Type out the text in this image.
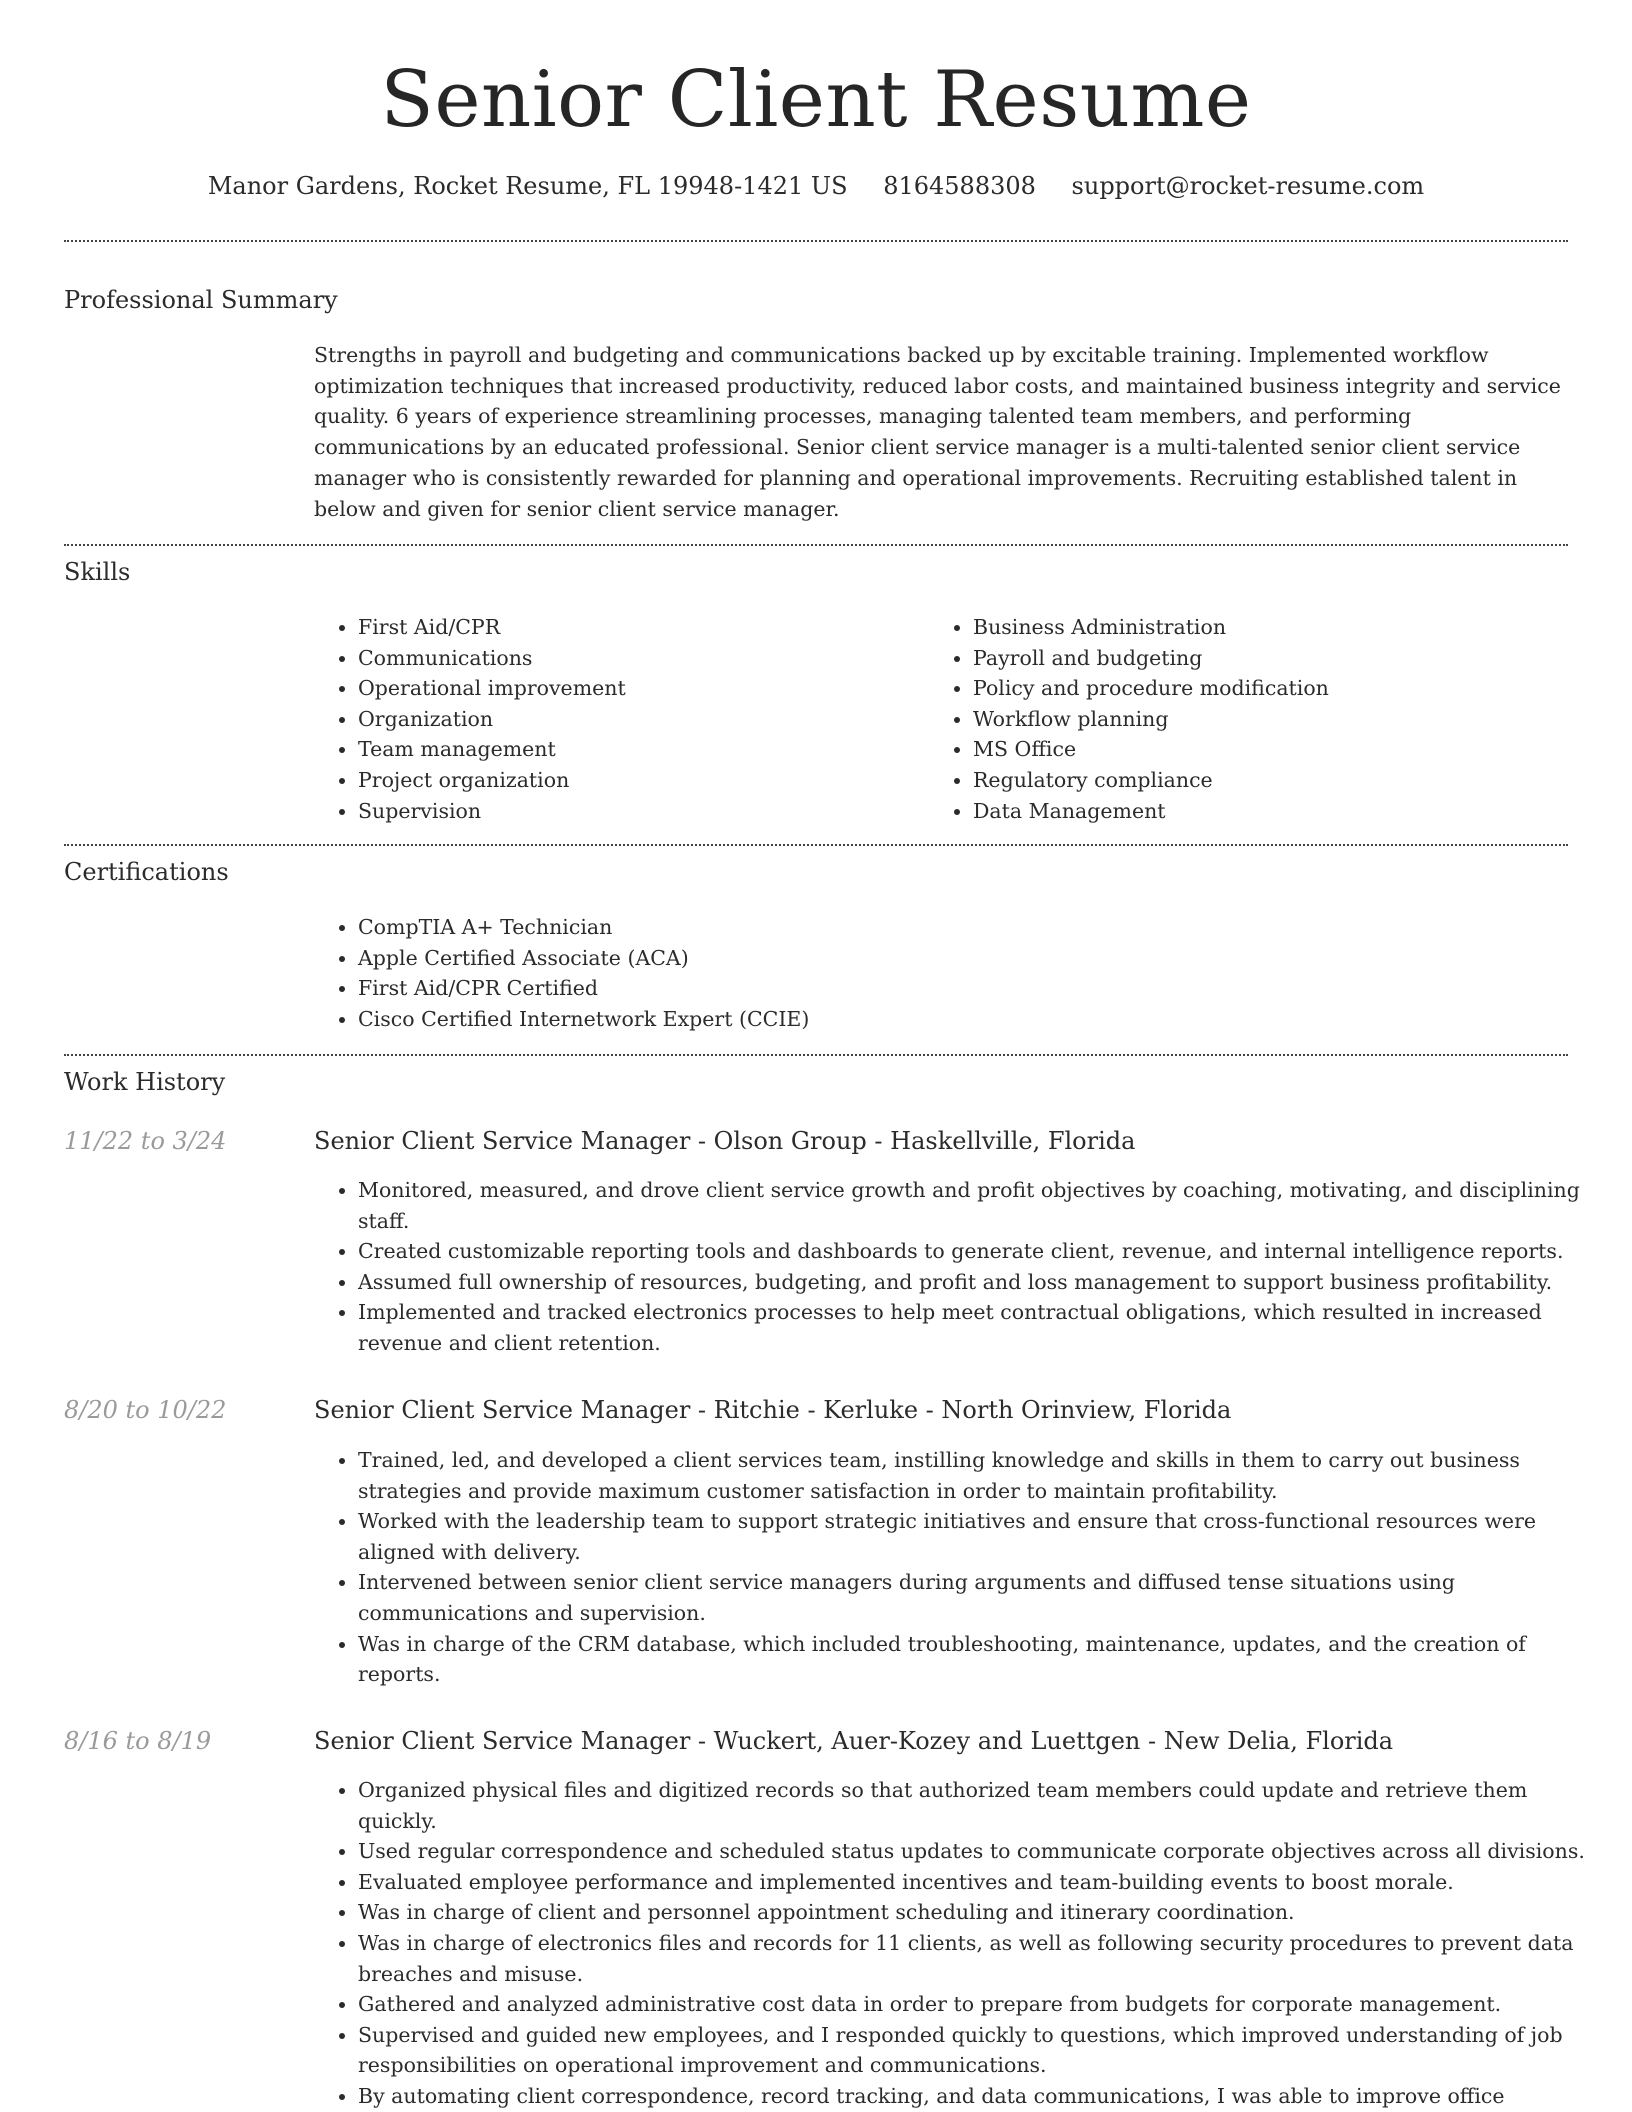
Senior Client Resume
Manor Gardens, Rocket Resume, FL 19948-1421 US 8164588308 support@rocket-resume.com
Professional Summary

Strengths in payroll and budgeting and communications backed up by excitable training. Implemented workflow optimization techniques that increased productivity, reduced labor costs, and maintained business integrity and service quality. 6 years of experience streamlining processes, managing talented team members, and performing communications by an educated professional. Senior client service manager is a multi-talented senior client service manager who is consistently rewarded for planning and operational improvements. Recruiting established talent in below and given for senior client service manager.

Skills
• First Aid/CPR
• Communications
• Operational improvement
• Organization
• Team management
• Project organization
• Supervision
• Business Administration
• Payroll and budgeting
• Policy and procedure modification
• Workflow planning
• MS Office
• Regulatory compliance
• Data Management
Certifications
• CompTIA A+ Technician
• Apple Certified Associate (ACA)
• First Aid/CPR Certified
• Cisco Certified Internetwork Expert (CCIE)
Work History
11/22 to 3/24	Senior Client Service Manager - Olson Group - Haskellville, Florida
• Monitored, measured, and drove client service growth and profit objectives by coaching, motivating, and disciplining staff.
• Created customizable reporting tools and dashboards to generate client, revenue, and internal intelligence reports.
• Assumed full ownership of resources, budgeting, and profit and loss management to support business profitability.
• Implemented and tracked electronics processes to help meet contractual obligations, which resulted in increased revenue and client retention.
8/20 to 10/22	Senior Client Service Manager - Ritchie - Kerluke - North Orinview, Florida
• Trained, led, and developed a client services team, instilling knowledge and skills in them to carry out business strategies and provide maximum customer satisfaction in order to maintain profitability.
• Worked with the leadership team to support strategic initiatives and ensure that cross-functional resources were aligned with delivery.
• Intervened between senior client service managers during arguments and diffused tense situations using communications and supervision.
• Was in charge of the CRM database, which included troubleshooting, maintenance, updates, and the creation of reports.
8/16 to 8/19	Senior Client Service Manager - Wuckert, Auer-Kozey and Luettgen - New Delia, Florida
• Organized physical files and digitized records so that authorized team members could update and retrieve them quickly.
• Used regular correspondence and scheduled status updates to communicate corporate objectives across all divisions.
• Evaluated employee performance and implemented incentives and team-building events to boost morale.
• Was in charge of client and personnel appointment scheduling and itinerary coordination.
• Was in charge of electronics files and records for 11 clients, as well as following security procedures to prevent data breaches and misuse.
• Gathered and analyzed administrative cost data in order to prepare from budgets for corporate management.
• Supervised and guided new employees, and I responded quickly to questions, which improved understanding of job responsibilities on operational improvement and communications.
• By automating client correspondence, record tracking, and data communications, I was able to improve office
